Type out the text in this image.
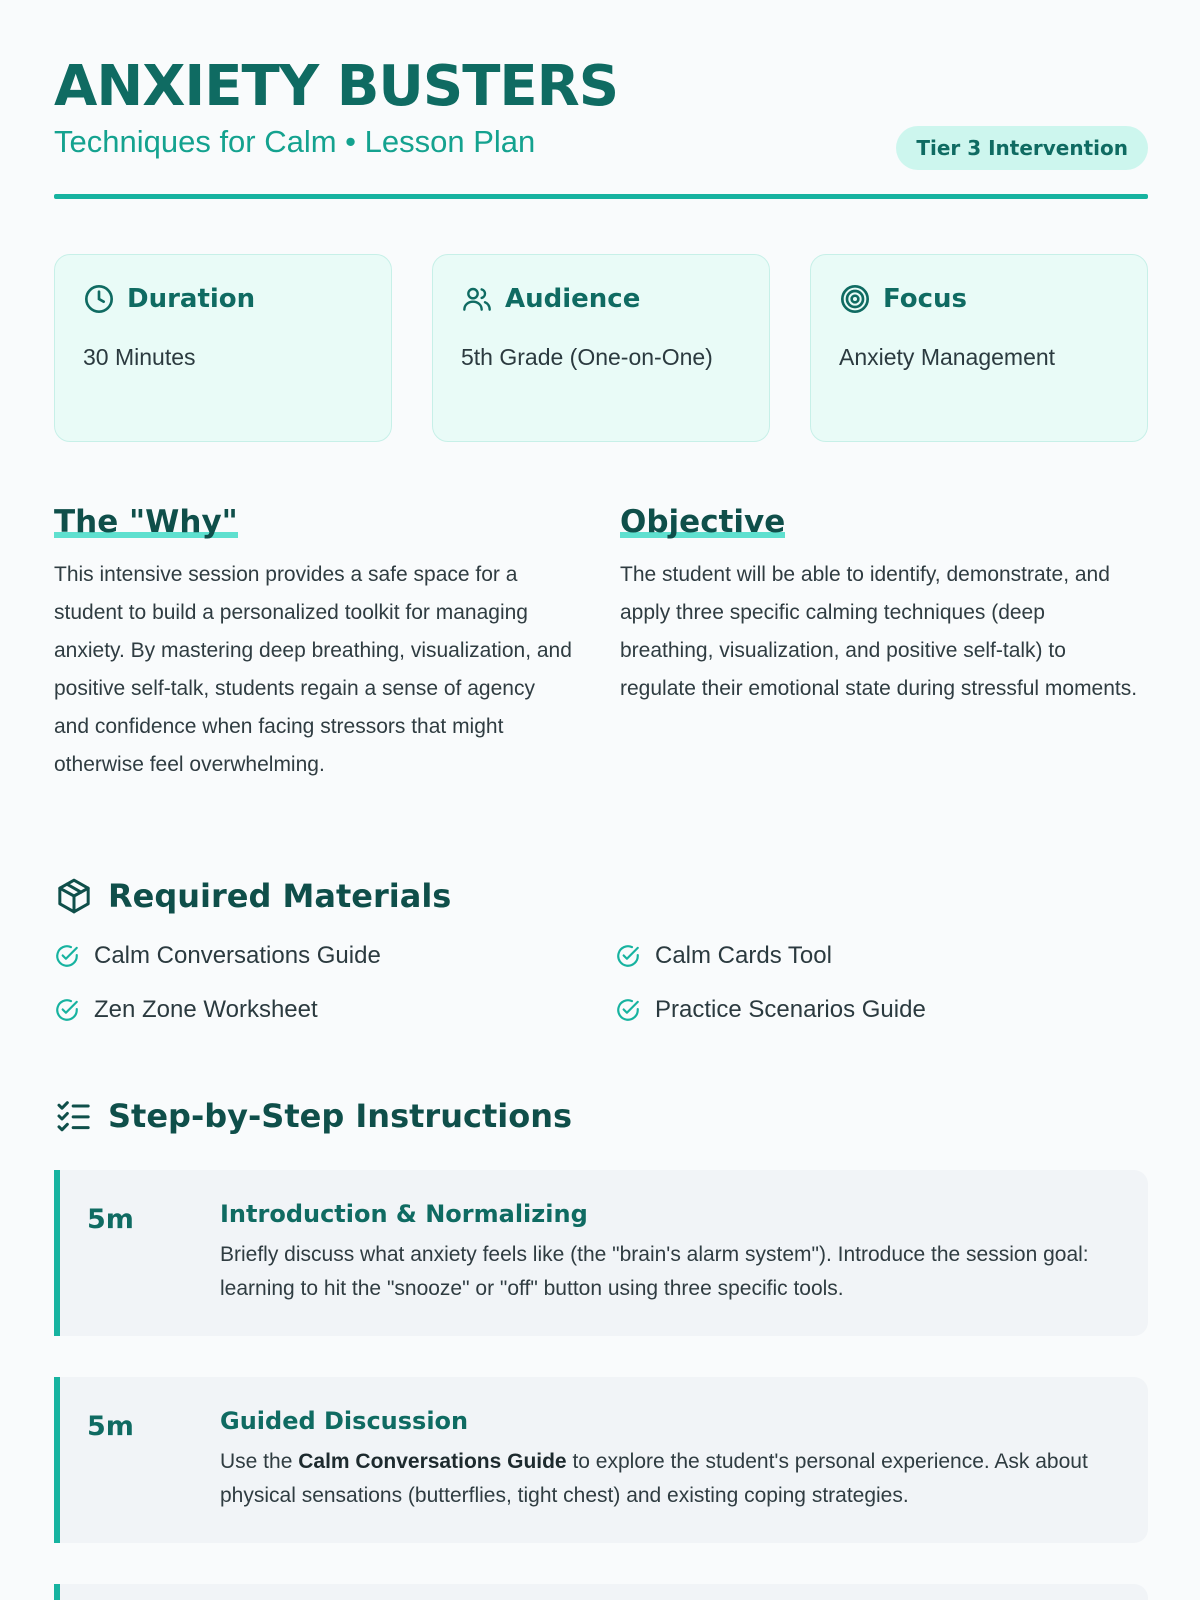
ANXIETY BUSTERS
Techniques for Calm • Lesson Plan	Tier 3 Intervention
Duration
30 Minutes
Audience
5th Grade (One-on-One)
Focus
Anxiety Management
The "Why"
This intensive session provides a safe space for a student to build a personalized toolkit for managing anxiety. By mastering deep breathing, visualization, and positive self-talk, students regain a sense of agency and confidence when facing stressors that might otherwise feel overwhelming.
Objective
The student will be able to identify, demonstrate, and apply three specific calming techniques (deep breathing, visualization, and positive self-talk) to regulate their emotional state during stressful moments.
Required Materials
Calm Conversations Guide	Calm Cards Tool
Zen Zone Worksheet	Practice Scenarios Guide
Step-by-Step Instructions
5m	Introduction & Normalizing
Briefly discuss what anxiety feels like (the "brain's alarm system"). Introduce the session goal: learning to hit the "snooze" or "off" button using three specific tools.
5m	Guided Discussion
Use the Calm Conversations Guide to explore the student's personal experience. Ask about physical sensations (butterflies, tight chest) and existing coping strategies.
